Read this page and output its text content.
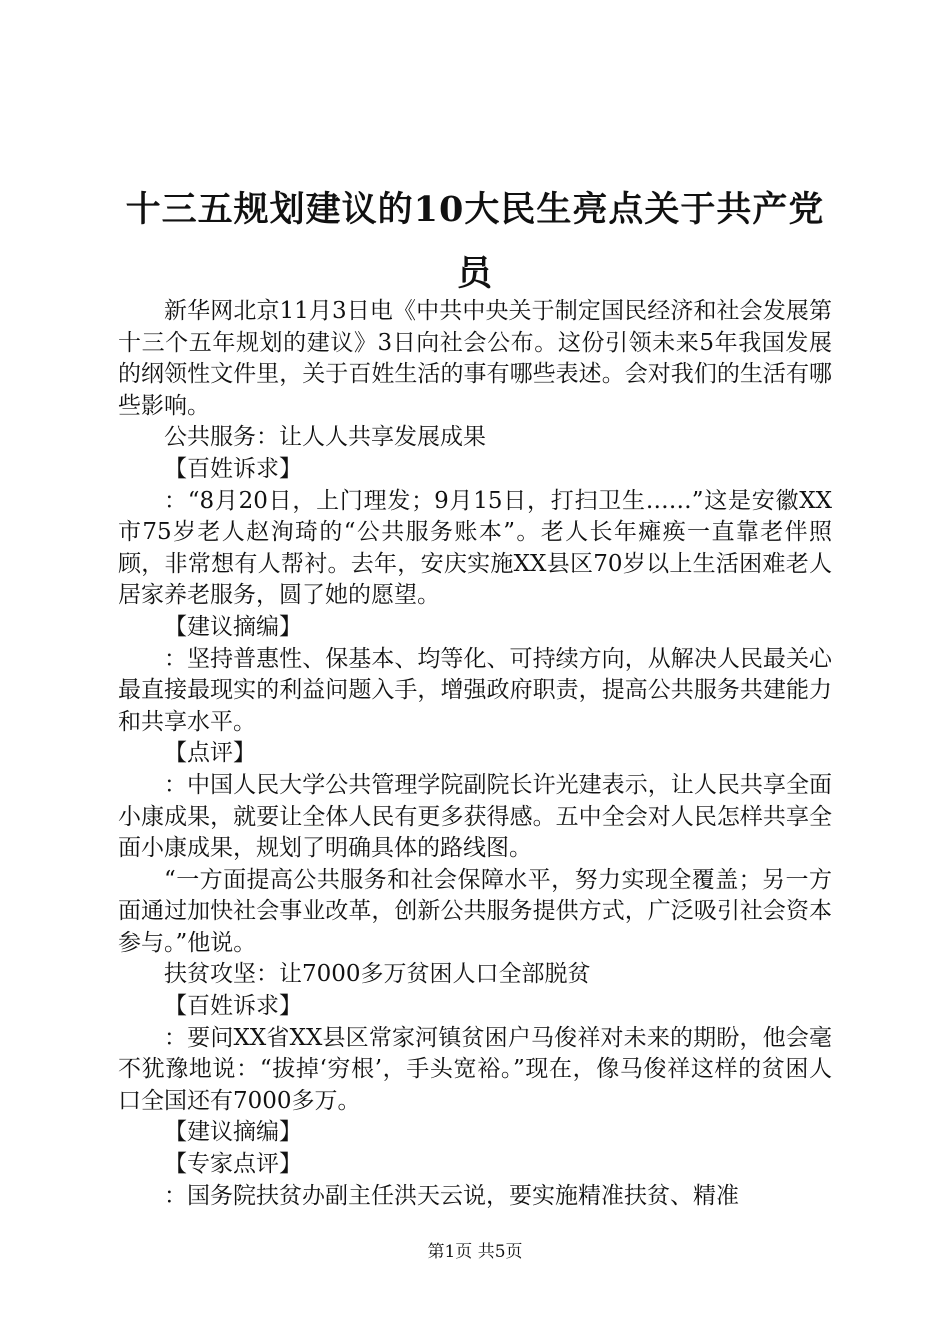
十三五规划建议的10大民生亮点关于共产党员

新华网北京11月3日电《中共中央关于制定国民经济和社会发展第十三个五年规划的建议》3日向社会公布。这份引领未来5年我国发展的纲领性文件里，关于百姓生活的事有哪些表述。会对我们的生活有哪些影响。

公共服务：让人人共享发展成果

【百姓诉求】

：“8月20日，上门理发；9月15日，打扫卫生……”这是安徽XX市75岁老人赵洵琦的“公共服务账本”。老人长年瘫痪一直靠老伴照顾，非常想有人帮衬。去年，安庆实施XX县区70岁以上生活困难老人居家养老服务，圆了她的愿望。

【建议摘编】

：坚持普惠性、保基本、均等化、可持续方向，从解决人民最关心最直接最现实的利益问题入手，增强政府职责，提高公共服务共建能力和共享水平。

【点评】

：中国人民大学公共管理学院副院长许光建表示，让人民共享全面小康成果，就要让全体人民有更多获得感。五中全会对人民怎样共享全面小康成果，规划了明确具体的路线图。

“一方面提高公共服务和社会保障水平，努力实现全覆盖；另一方面通过加快社会事业改革，创新公共服务提供方式，广泛吸引社会资本参与。”他说。

扶贫攻坚：让7000多万贫困人口全部脱贫

【百姓诉求】

：要问XX省XX县区常家河镇贫困户马俊祥对未来的期盼，他会毫不犹豫地说：“拔掉‘穷根’，手头宽裕。”现在，像马俊祥这样的贫困人口全国还有7000多万。

【建议摘编】

【专家点评】

：国务院扶贫办副主任洪天云说，要实施精准扶贫、精准

第1页 共5页
